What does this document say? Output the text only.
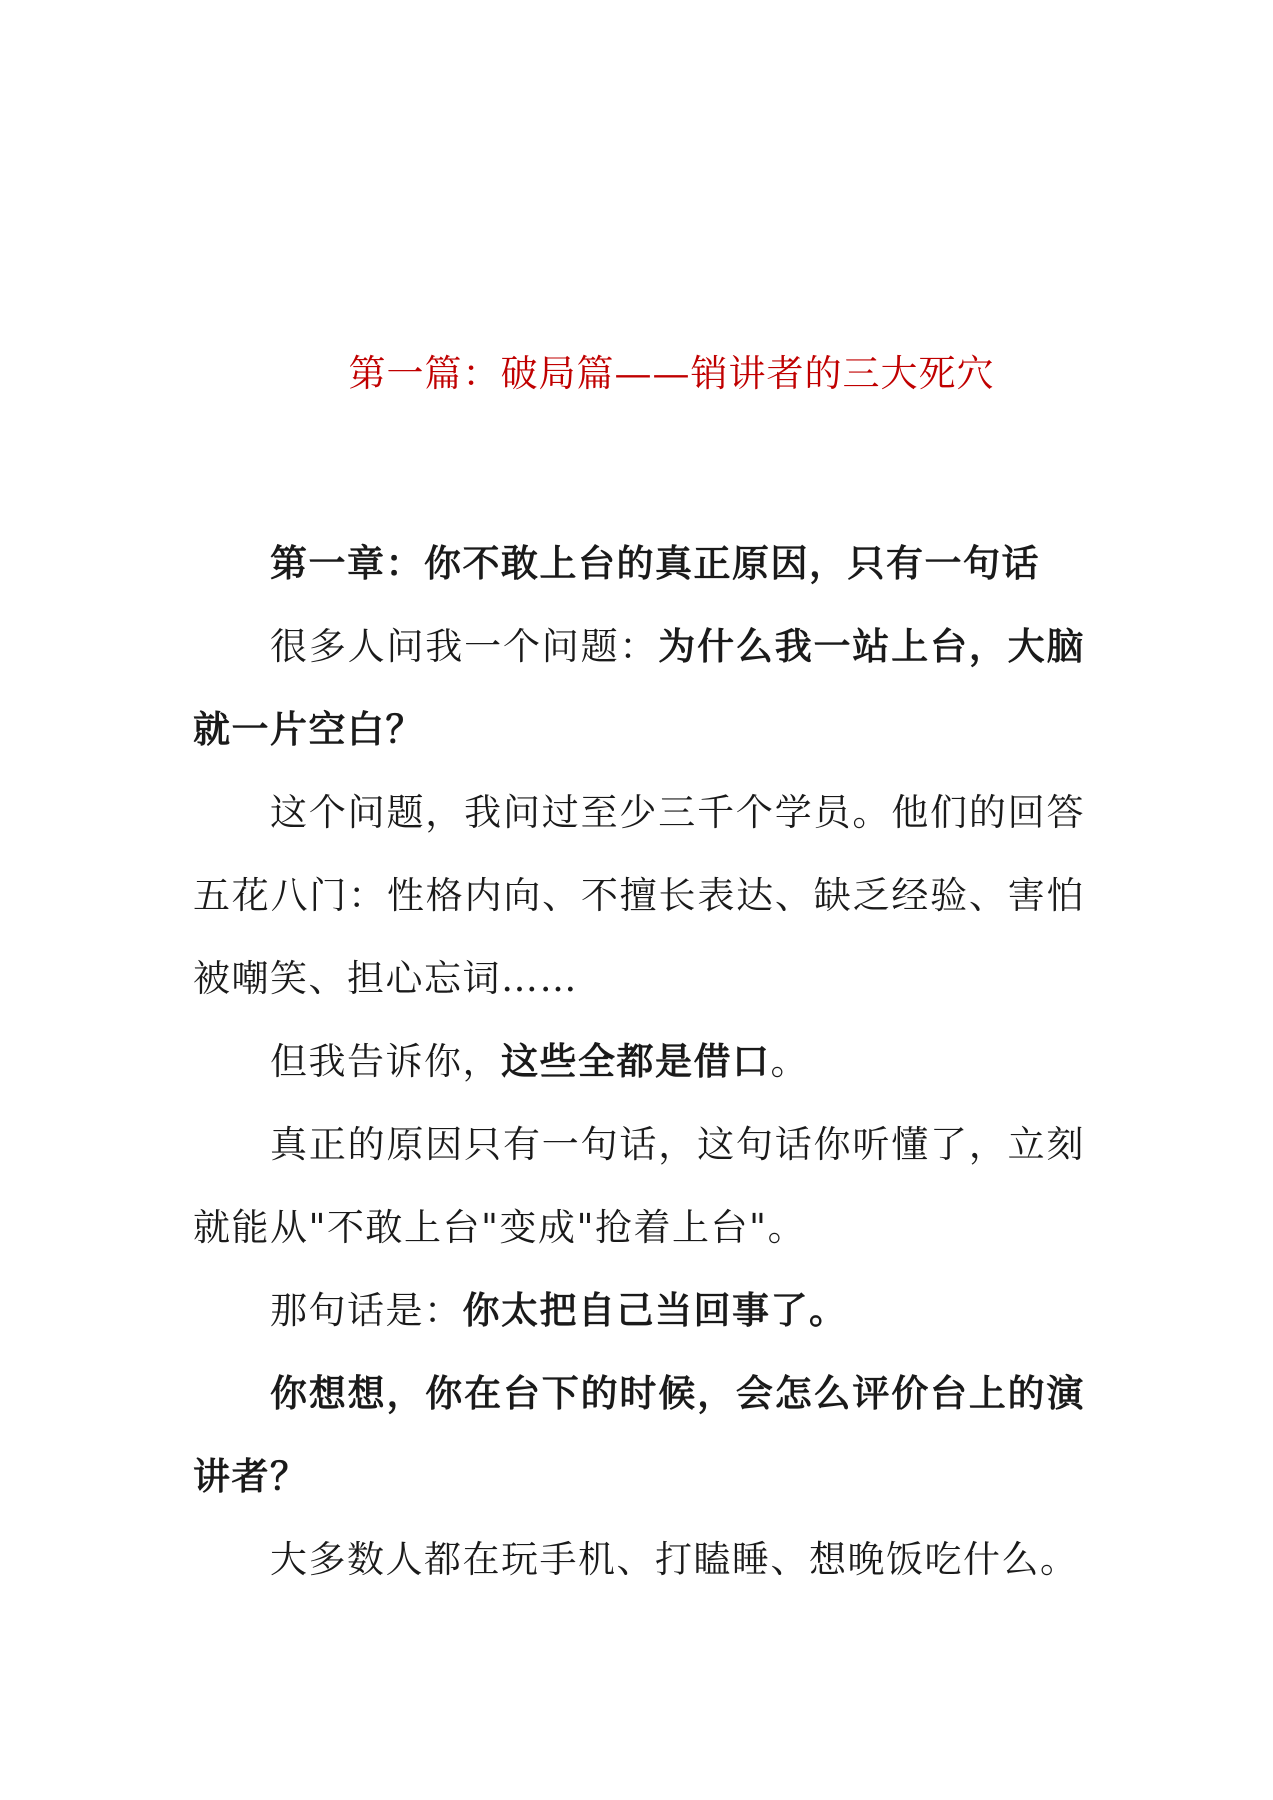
第一篇：破局篇——销讲者的三大死穴

第一章：你不敢上台的真正原因，只有一句话

很多人问我一个问题：为什么我一站上台，大脑就一片空白？

这个问题，我问过至少三千个学员。他们的回答五花八门：性格内向、不擅长表达、缺乏经验、害怕被嘲笑、担心忘词……

但我告诉你，这些全都是借口。

真正的原因只有一句话，这句话你听懂了，立刻就能从"不敢上台"变成"抢着上台"。

那句话是：你太把自己当回事了。

你想想，你在台下的时候，会怎么评价台上的演讲者？

大多数人都在玩手机、打瞌睡、想晚饭吃什么。
